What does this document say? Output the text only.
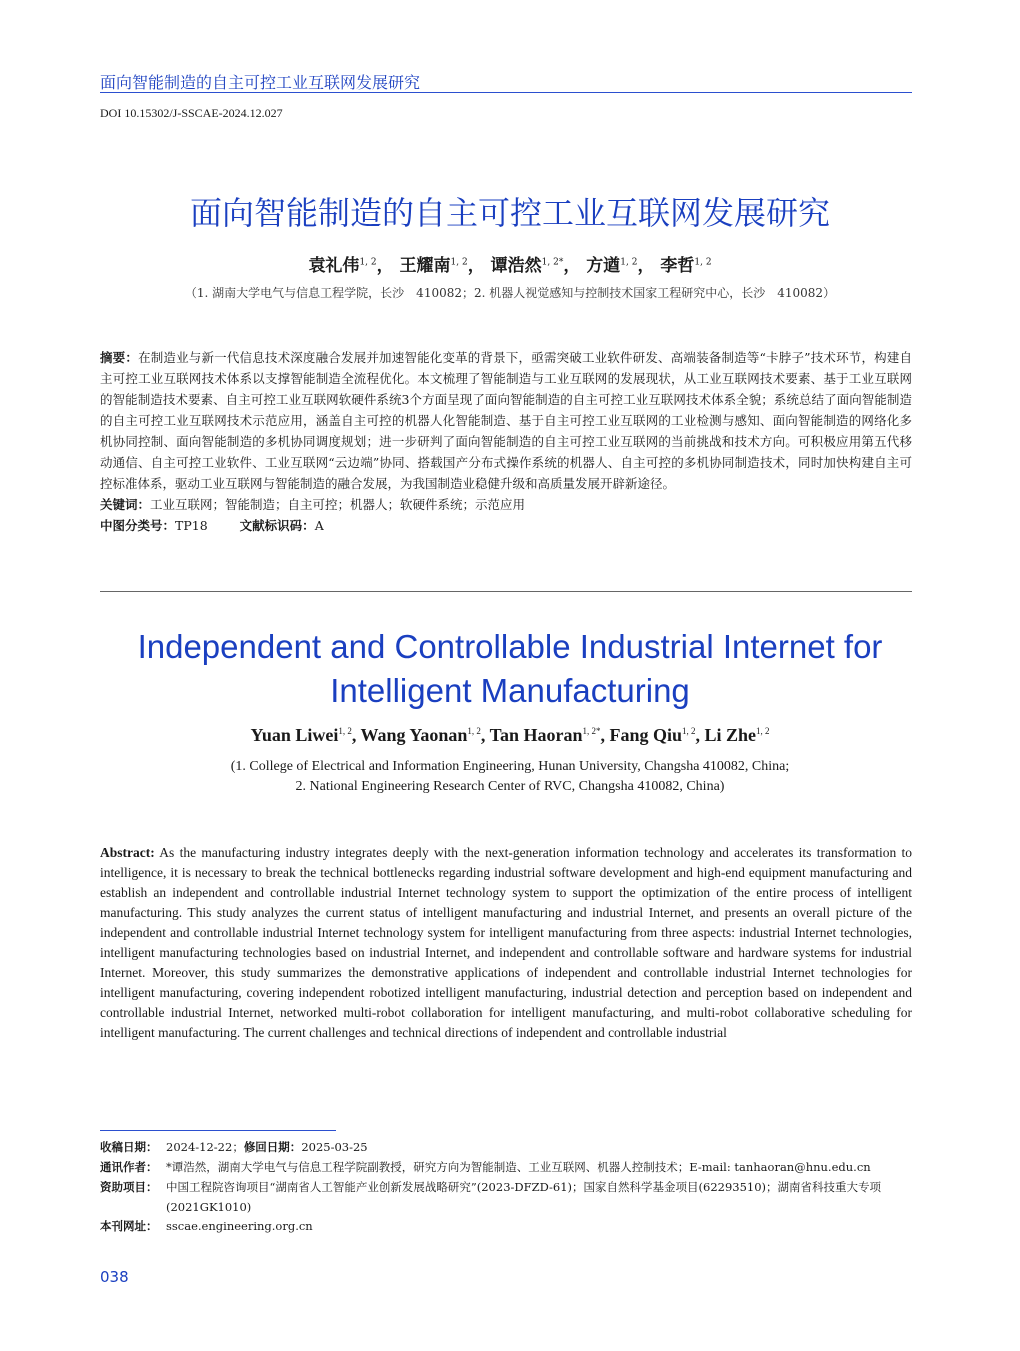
面向智能制造的自主可控工业互联网发展研究
DOI 10.15302/J-SSCAE-2024.12.027
面向智能制造的自主可控工业互联网发展研究
袁礼伟$^{1, 2}$， 王耀南$^{1, 2}$， 谭浩然$^{1, 2*}$， 方遒$^{1, 2}$， 李哲$^{1, 2}$
（1. 湖南大学电气与信息工程学院，长沙　410082；2. 机器人视觉感知与控制技术国家工程研究中心，长沙　410082）
摘要：在制造业与新一代信息技术深度融合发展并加速智能化变革的背景下，亟需突破工业软件研发、高端装备制造等“卡脖子”技术环节，构建自主可控工业互联网技术体系以支撑智能制造全流程优化。本文梳理了智能制造与工业互联网的发展现状，从工业互联网技术要素、基于工业互联网的智能制造技术要素、自主可控工业互联网软硬件系统3个方面呈现了面向智能制造的自主可控工业互联网技术体系全貌；系统总结了面向智能制造的自主可控工业互联网技术示范应用，涵盖自主可控的机器人化智能制造、基于自主可控工业互联网的工业检测与感知、面向智能制造的网络化多机协同控制、面向智能制造的多机协同调度规划；进一步研判了面向智能制造的自主可控工业互联网的当前挑战和技术方向。可积极应用第五代移动通信、自主可控工业软件、工业互联网“云边端”协同、搭载国产分布式操作系统的机器人、自主可控的多机协同制造技术，同时加快构建自主可控标准体系，驱动工业互联网与智能制造的融合发展，为我国制造业稳健升级和高质量发展开辟新途径。
关键词：工业互联网；智能制造；自主可控；机器人；软硬件系统；示范应用
中图分类号：TP18	文献标识码：A
Independent and Controllable Industrial Internet for
Intelligent Manufacturing
Yuan Liwei$^{1, 2}$, Wang Yaonan$^{1, 2}$, Tan Haoran$^{1, 2*}$, Fang Qiu$^{1, 2}$, Li Zhe$^{1, 2}$
(1. College of Electrical and Information Engineering, Hunan University, Changsha 410082, China;
2. National Engineering Research Center of RVC, Changsha 410082, China)
Abstract: As the manufacturing industry integrates deeply with the next-generation information technology and accelerates its transformation to intelligence, it is necessary to break the technical bottlenecks regarding industrial software development and high-end equipment manufacturing and establish an independent and controllable industrial Internet technology system to support the optimization of the entire process of intelligent manufacturing. This study analyzes the current status of intelligent manufacturing and industrial Internet, and presents an overall picture of the independent and controllable industrial Internet technology system for intelligent manufacturing from three aspects: industrial Internet technologies, intelligent manufacturing technologies based on industrial Internet, and independent and controllable software and hardware systems for industrial Internet. Moreover, this study summarizes the demonstrative applications of independent and controllable industrial Internet technologies for intelligent manufacturing, covering independent robotized intelligent manufacturing, industrial detection and perception based on independent and controllable industrial Internet, networked multi-robot collaboration for intelligent manufacturing, and multi-robot collaborative scheduling for intelligent manufacturing. The current challenges and technical directions of independent and controllable industrial
收稿日期： 2024-12-22；修回日期：2025-03-25
通讯作者： *谭浩然，湖南大学电气与信息工程学院副教授，研究方向为智能制造、工业互联网、机器人控制技术；E-mail: tanhaoran@hnu.edu.cn
资助项目： 中国工程院咨询项目“湖南省人工智能产业创新发展战略研究”(2023-DFZD-61)；国家自然科学基金项目(62293510)；湖南省科技重大专项(2021GK1010)
本刊网址： sscae.engineering.org.cn
038
